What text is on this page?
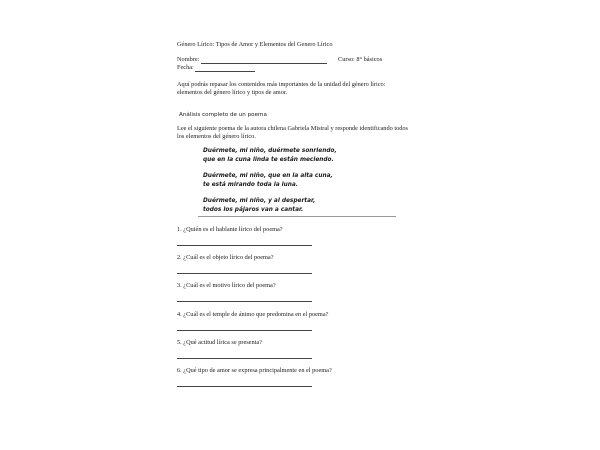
Género Lírico: Tipos de Amor y Elementos del Genero Lírico
Nombre:	Curso: 8° básicos
Fecha:
Aquí podrás repasar los contenidos más importantes de la unidad del género lírico:
elementos del género lírico y tipos de amor.
Análisis completo de un poema
Lee el siguiente poema de la autora chilena Gabriela Mistral y responde identificando todos
los elementos del género lírico.
Duérmete, mi niño, duérmete sonriendo,
que en la cuna linda te están meciendo.
Duérmete, mi niño, que en la alta cuna,
te está mirando toda la luna.
Duérmete, mi niño, y al despertar,
todos los pájaros van a cantar.
1. ¿Quién es el hablante lírico del poema?
2. ¿Cuál es el objeto lírico del poema?
3. ¿Cuál es el motivo lírico del poema?
4. ¿Cuál es el temple de ánimo que predomina en el poema?
5. ¿Qué actitud lírica se presenta?
6. ¿Qué tipo de amor se expresa principalmente en el poema?
